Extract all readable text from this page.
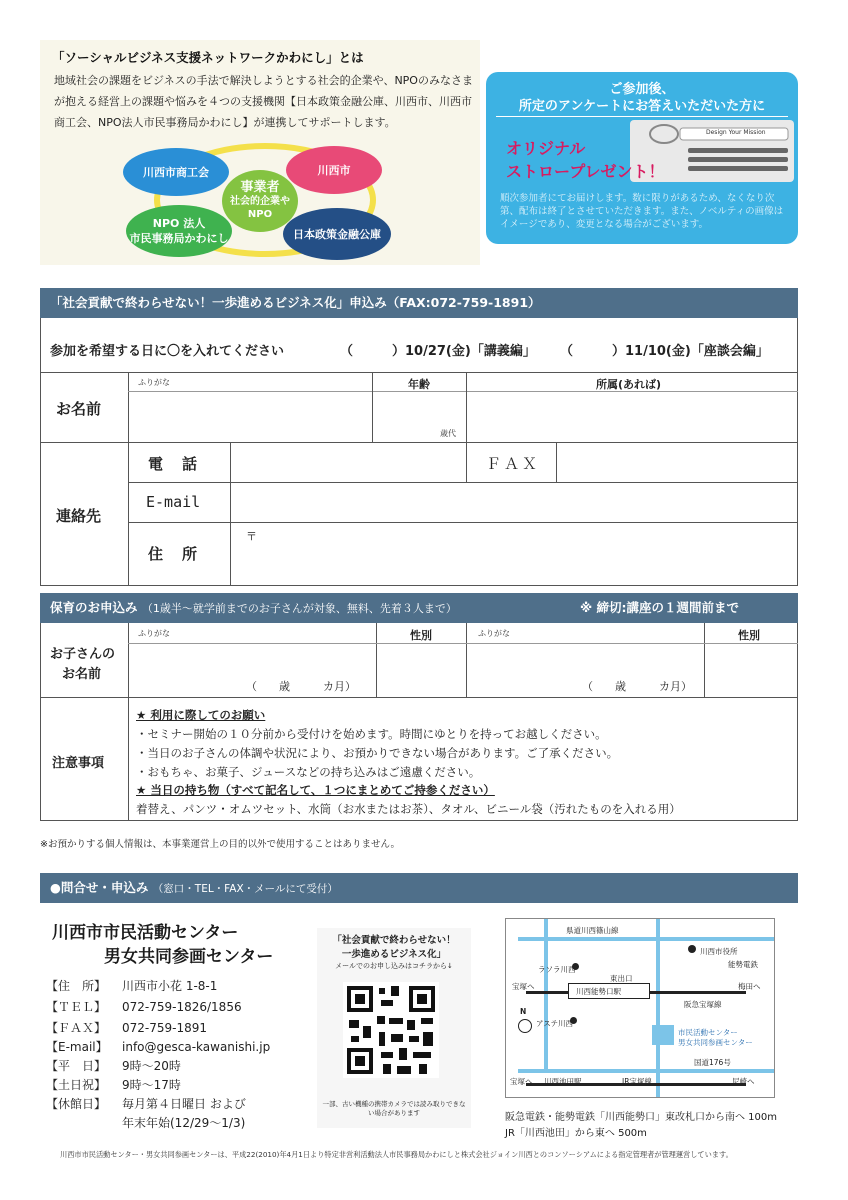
「ソーシャルビジネス支援ネットワークかわにし」とは
地域社会の課題をビジネスの手法で解決しようとする社会的企業や、NPOのみなさまが抱える経営上の課題や悩みを４つの支援機関【日本政策金融公庫、川西市、川西市商工会、NPO法人市民事務局かわにし】が連携してサポートします。
川西市商工会	川西市
NPO 法人
市民事務局かわにし	日本政策金融公庫
事業者
社会的企業や
NPO
ご参加後、
所定のアンケートにお答えいただいた方に
Design Your Mission
オリジナル
ストロープレゼント！
順次参加者にてお届けします。数に限りがあるため、なくなり次第、配布は終了とさせていただきます。また、ノベルティの画像はイメージであり、変更となる場合がございます。
「社会貢献で終わらせない！一歩進めるビジネス化」申込み（FAX:072-759-1891）
参加を希望する日に〇を入れてください	（　　　）10/27(金)「講義編」 （　　　）11/10(金)「座談会編」
お名前
ふりがな	年齢	所属(あれば)
歳代
連絡先
電　話	ＦＡＸ
E-mail
住　所
〒
保育のお申込み （1歳半〜就学前までのお子さんが対象、無料、先着３人まで）	※ 締切:講座の１週間前まで
お子さんの
お名前
ふりがな	性別	ふりがな	性別
（　　歳　　　カ月）	（　　歳　　　カ月）
注意事項
★ 利用に際してのお願い
・セミナー開始の１０分前から受付けを始めます。時間にゆとりを持ってお越しください。
・当日のお子さんの体調や状況により、お預かりできない場合があります。ご了承ください。
・おもちゃ、お菓子、ジュースなどの持ち込みはご遠慮ください。
★ 当日の持ち物（すべて記名して、１つにまとめてご持参ください）
着替え、パンツ・オムツセット、水筒（お水またはお茶）、タオル、ビニール袋（汚れたものを入れる用）
※お預かりする個人情報は、本事業運営上の目的以外で使用することはありません。
●問合せ・申込み （窓口・TEL・FAX・メールにて受付）
川西市市民活動センター
男女共同参画センター
【住　所】 川西市小花 1-8-1
【ＴＥＬ】 072-759-1826/1856
【ＦＡＸ】 072-759-1891
【E-mail】 info@gesca-kawanishi.jp
【平　日】 9時〜20時
【土日祝】 9時〜17時
【休館日】 毎月第４日曜日 および
年末年始(12/29〜1/3)
「社会貢献で終わらせない！
一歩進めるビジネス化」
メールでのお申し込みはコチラから↓
一部、古い機種の携帯カメラでは読み取りできない場合があります
N
県道川西篠山線
川西市役所
能勢電鉄
ラソラ川西
東出口
宝塚へ	梅田へ
川西能勢口駅
阪急宝塚線
アステ川西
市民活動センター
男女共同参画センター
国道176号
川西池田駅	JR宝塚線	尼崎へ
宝塚へ
阪急電鉄・能勢電鉄「川西能勢口」東改札口から南へ 100m
JR「川西池田」から東へ 500m
川西市市民活動センター・男女共同参画センターは、平成22(2010)年4月1日より特定非営利活動法人市民事務局かわにしと株式会社ジョイン川西とのコンソーシアムによる指定管理者が管理運営しています。
